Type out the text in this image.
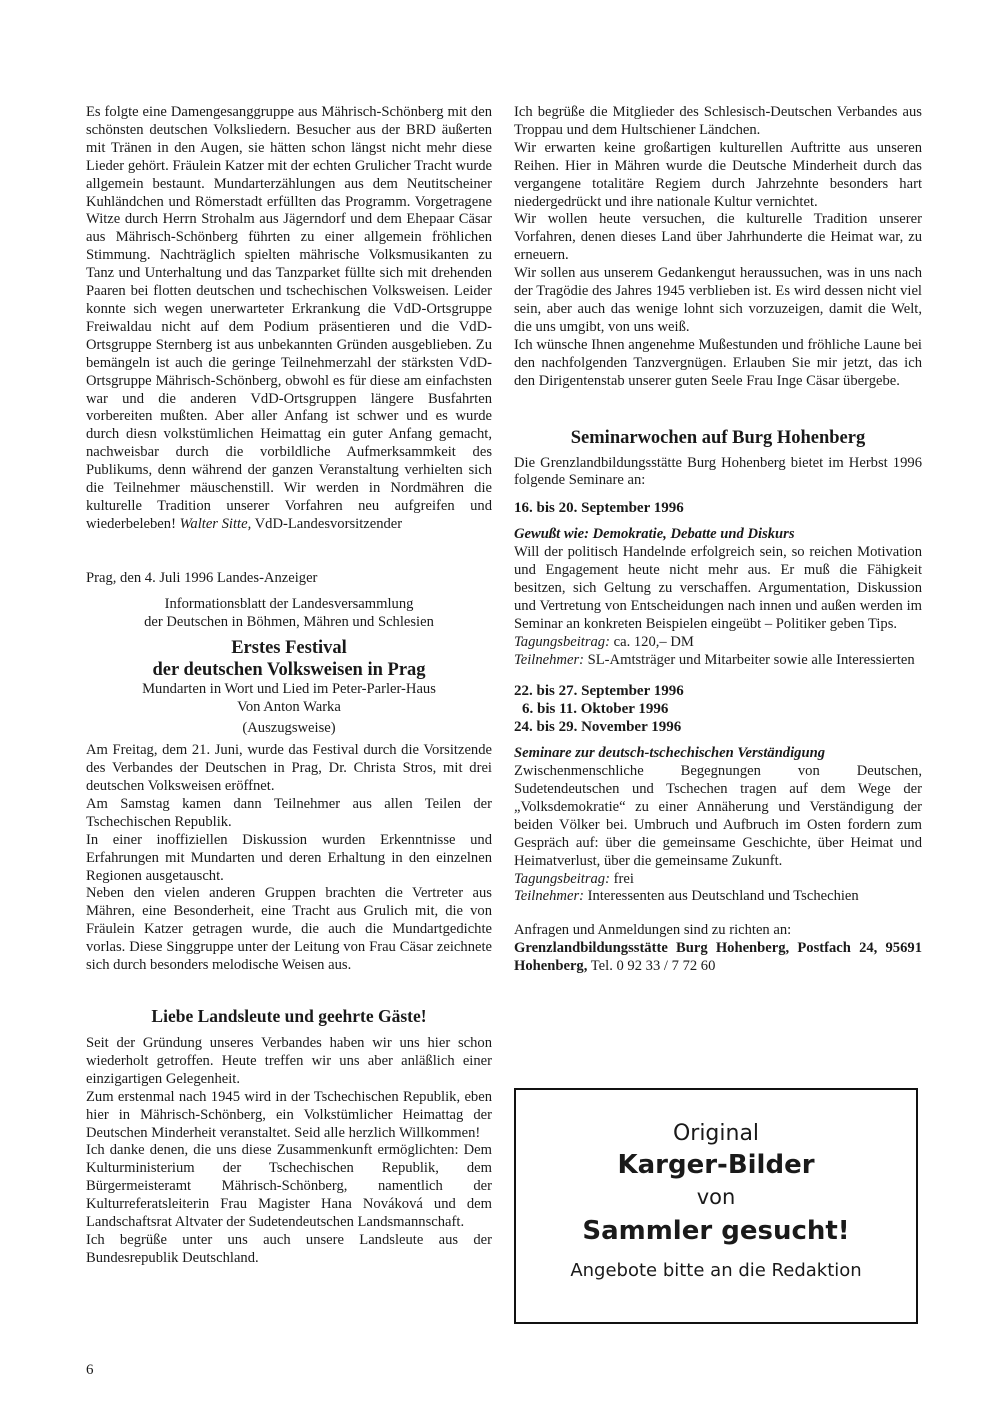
Es folgte eine Damengesanggruppe aus Mährisch-Schönberg mit den schönsten deutschen Volksliedern. Besucher aus der BRD äußerten mit Tränen in den Augen, sie hätten schon längst nicht mehr diese Lieder gehört. Fräulein Katzer mit der echten Grulicher Tracht wurde allgemein bestaunt. Mundarterzählungen aus dem Neutitscheiner Kuhländchen und Römerstadt erfüllten das Programm. Vorgetragene Witze durch Herrn Strohalm aus Jägerndorf und dem Ehepaar Cäsar aus Mährisch-Schönberg führten zu einer allgemein fröhlichen Stimmung. Nachträglich spielten mährische Volksmusikanten zu Tanz und Unterhaltung und das Tanzparket füllte sich mit drehenden Paaren bei flotten deutschen und tschechischen Volksweisen. Leider konnte sich wegen unerwarteter Erkrankung die VdD-Ortsgruppe Freiwaldau nicht auf dem Podium präsentieren und die VdD-Ortsgruppe Sternberg ist aus unbekannten Gründen ausgeblieben. Zu bemängeln ist auch die geringe Teilnehmerzahl der stärksten VdD-Ortsgruppe Mährisch-Schönberg, obwohl es für diese am einfachsten war und die anderen VdD-Ortsgruppen längere Busfahrten vorbereiten mußten. Aber aller Anfang ist schwer und es wurde durch diesn volkstümlichen Heimattag ein guter Anfang gemacht, nachweisbar durch die vorbildliche Aufmerksammkeit des Publikums, denn während der ganzen Veranstaltung verhielten sich die Teilnehmer mäuschenstill. Wir werden in Nordmähren die kulturelle Tradition unserer Vorfahren neu aufgreifen und wiederbeleben! Walter Sitte, VdD-Landesvorsitzender

Prag, den 4. Juli 1996 Landes-Anzeiger

Informationsblatt der Landesversammlung

der Deutschen in Böhmen, Mähren und Schlesien

Erstes Festival
der deutschen Volksweisen in Prag

Mundarten in Wort und Lied im Peter-Parler-Haus

Von Anton Warka

(Auszugsweise)

Am Freitag, dem 21. Juni, wurde das Festival durch die Vorsitzende des Verbandes der Deutschen in Prag, Dr. Christa Stros, mit drei deutschen Volksweisen eröffnet.

Am Samstag kamen dann Teilnehmer aus allen Teilen der Tschechischen Republik.

In einer inoffiziellen Diskussion wurden Erkenntnisse und Erfahrungen mit Mundarten und deren Erhaltung in den einzelnen Regionen ausgetauscht.

Neben den vielen anderen Gruppen brachten die Vertreter aus Mähren, eine Besonderheit, eine Tracht aus Grulich mit, die von Fräulein Katzer getragen wurde, die auch die Mundartgedichte vorlas. Diese Singgruppe unter der Leitung von Frau Cäsar zeichnete sich durch besonders melodische Weisen aus.

Liebe Landsleute und geehrte Gäste!

Seit der Gründung unseres Verbandes haben wir uns hier schon wiederholt getroffen. Heute treffen wir uns aber anläßlich einer einzigartigen Gelegenheit.

Zum erstenmal nach 1945 wird in der Tschechischen Republik, eben hier in Mährisch-Schönberg, ein Volkstümlicher Heimattag der Deutschen Minderheit veranstaltet. Seid alle herzlich Willkommen!

Ich danke denen, die uns diese Zusammenkunft ermöglichten: Dem Kulturministerium der Tschechischen Republik, dem Bürgermeisteramt Mährisch-Schönberg, namentlich der Kulturreferatsleiterin Frau Magister Hana Nováková und dem Landschaftsrat Altvater der Sudetendeutschen Landsmannschaft.

Ich begrüße unter uns auch unsere Landsleute aus der Bundesrepublik Deutschland.

Ich begrüße die Mitglieder des Schlesisch-Deutschen Verbandes aus Troppau und dem Hultschiener Ländchen.

Wir erwarten keine großartigen kulturellen Auftritte aus unseren Reihen. Hier in Mähren wurde die Deutsche Minderheit durch das vergangene totalitäre Regiem durch Jahrzehnte besonders hart niedergedrückt und ihre nationale Kultur vernichtet.

Wir wollen heute versuchen, die kulturelle Tradition unserer Vorfahren, denen dieses Land über Jahrhunderte die Heimat war, zu erneuern.

Wir sollen aus unserem Gedankengut heraussuchen, was in uns nach der Tragödie des Jahres 1945 verblieben ist. Es wird dessen nicht viel sein, aber auch das wenige lohnt sich vorzuzeigen, damit die Welt, die uns umgibt, von uns weiß.

Ich wünsche Ihnen angenehme Mußestunden und fröhliche Laune bei den nachfolgenden Tanzvergnügen. Erlauben Sie mir jetzt, das ich den Dirigentenstab unserer guten Seele Frau Inge Cäsar übergebe.

Seminarwochen auf Burg Hohenberg

Die Grenzlandbildungsstätte Burg Hohenberg bietet im Herbst 1996 folgende Seminare an:

16. bis 20. September 1996

Gewußt wie: Demokratie, Debatte und Diskurs

Will der politisch Handelnde erfolgreich sein, so reichen Motivation und Engagement heute nicht mehr aus. Er muß die Fähigkeit besitzen, sich Geltung zu verschaffen. Argumentation, Diskussion und Vertretung von Entscheidungen nach innen und außen werden im Seminar an konkreten Beispielen eingeübt – Politiker geben Tips.

Tagungsbeitrag: ca. 120,– DM

Teilnehmer: SL-Amtsträger und Mitarbeiter sowie alle Interessierten

22. bis 27. September 1996

6. bis 11. Oktober 1996

24. bis 29. November 1996

Seminare zur deutsch-tschechischen Verständigung

Zwischenmenschliche Begegnungen von Deutschen, Sudetendeutschen und Tschechen tragen auf dem Wege der „Volksdemokratie“ zu einer Annäherung und Verständigung der beiden Völker bei. Umbruch und Aufbruch im Osten fordern zum Gespräch auf: über die gemeinsame Geschichte, über Heimat und Heimatverlust, über die gemeinsame Zukunft.

Tagungsbeitrag: frei

Teilnehmer: Interessenten aus Deutschland und Tschechien

Anfragen und Anmeldungen sind zu richten an:

Grenzlandbildungsstätte Burg Hohenberg, Postfach 24, 95691 Hohenberg, Tel. 0 92 33 / 7 72 60

Original
Karger-Bilder
von
Sammler gesucht!
Angebote bitte an die Redaktion
6
